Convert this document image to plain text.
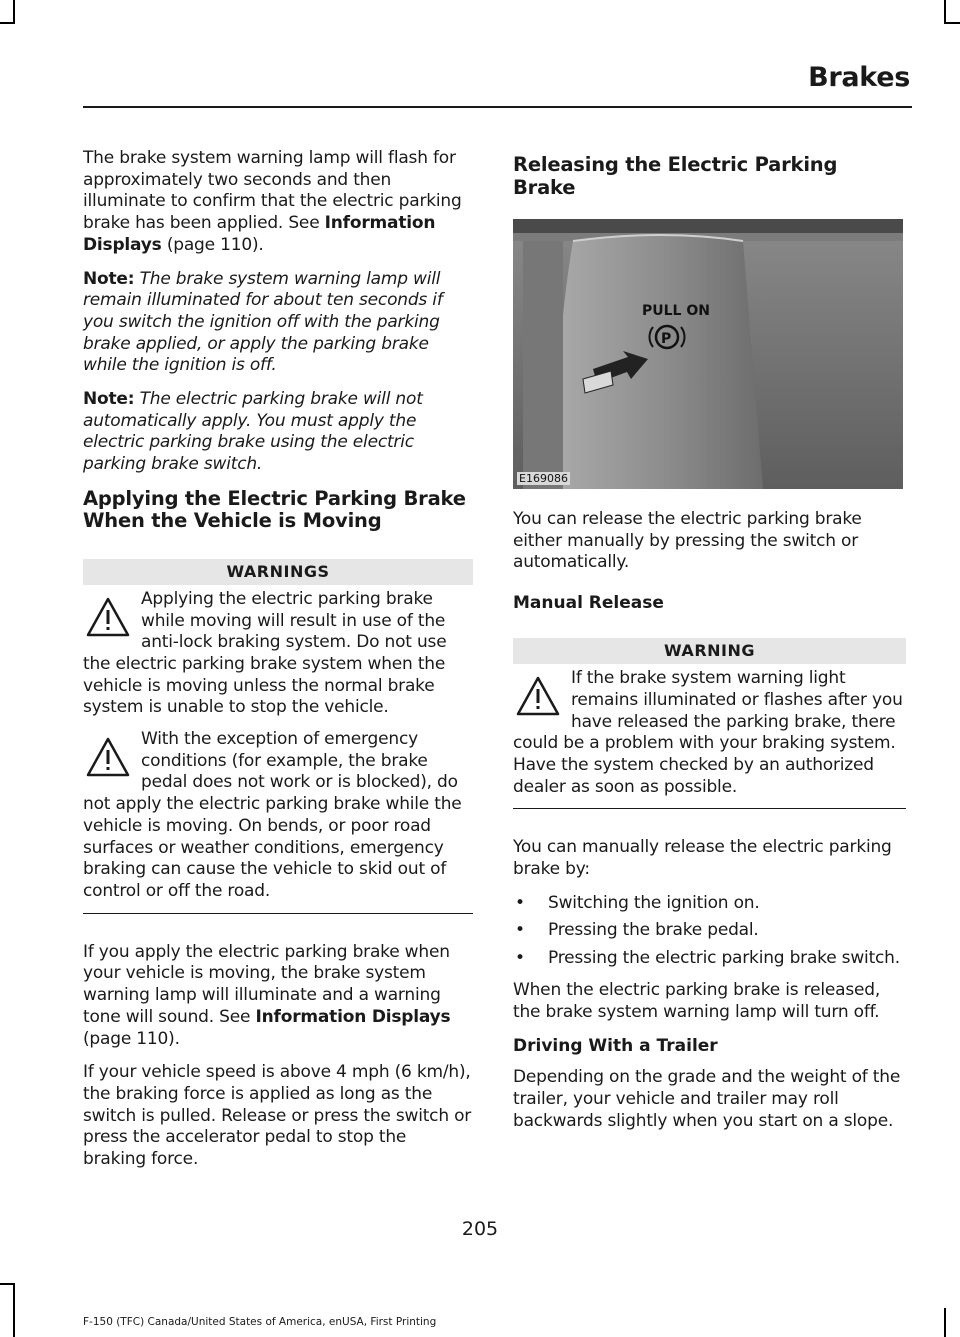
Brakes

The brake system warning lamp will flash for approximately two seconds and then illuminate to confirm that the electric parking brake has been applied. See Information Displays (page 110).

Note: The brake system warning lamp will remain illuminated for about ten seconds if you switch the ignition off with the parking brake applied, or apply the parking brake while the ignition is off.

Note: The electric parking brake will not automatically apply. You must apply the electric parking brake using the electric parking brake switch.

Applying the Electric Parking Brake When the Vehicle is Moving
WARNINGS
Applying the electric parking brake while moving will result in use of the anti-lock braking system. Do not use the electric parking brake system when the vehicle is moving unless the normal brake system is unable to stop the vehicle.
With the exception of emergency conditions (for example, the brake pedal does not work or is blocked), do not apply the electric parking brake while the vehicle is moving. On bends, or poor road surfaces or weather conditions, emergency braking can cause the vehicle to skid out of control or off the road.

If you apply the electric parking brake when your vehicle is moving, the brake system warning lamp will illuminate and a warning tone will sound. See Information Displays (page 110).

If your vehicle speed is above 4 mph (6 km/h), the braking force is applied as long as the switch is pulled. Release or press the switch or press the accelerator pedal to stop the braking force.

Releasing the Electric Parking Brake
PULL ON
P
E169086

You can release the electric parking brake either manually by pressing the switch or automatically.

Manual Release
WARNING
If the brake system warning light remains illuminated or flashes after you have released the parking brake, there could be a problem with your braking system. Have the system checked by an authorized dealer as soon as possible.

You can manually release the electric parking brake by:

• Switching the ignition on.
• Pressing the brake pedal.
• Pressing the electric parking brake switch.

When the electric parking brake is released, the brake system warning lamp will turn off.

Driving With a Trailer

Depending on the grade and the weight of the trailer, your vehicle and trailer may roll backwards slightly when you start on a slope.

205
F-150 (TFC) Canada/United States of America, enUSA, First Printing
